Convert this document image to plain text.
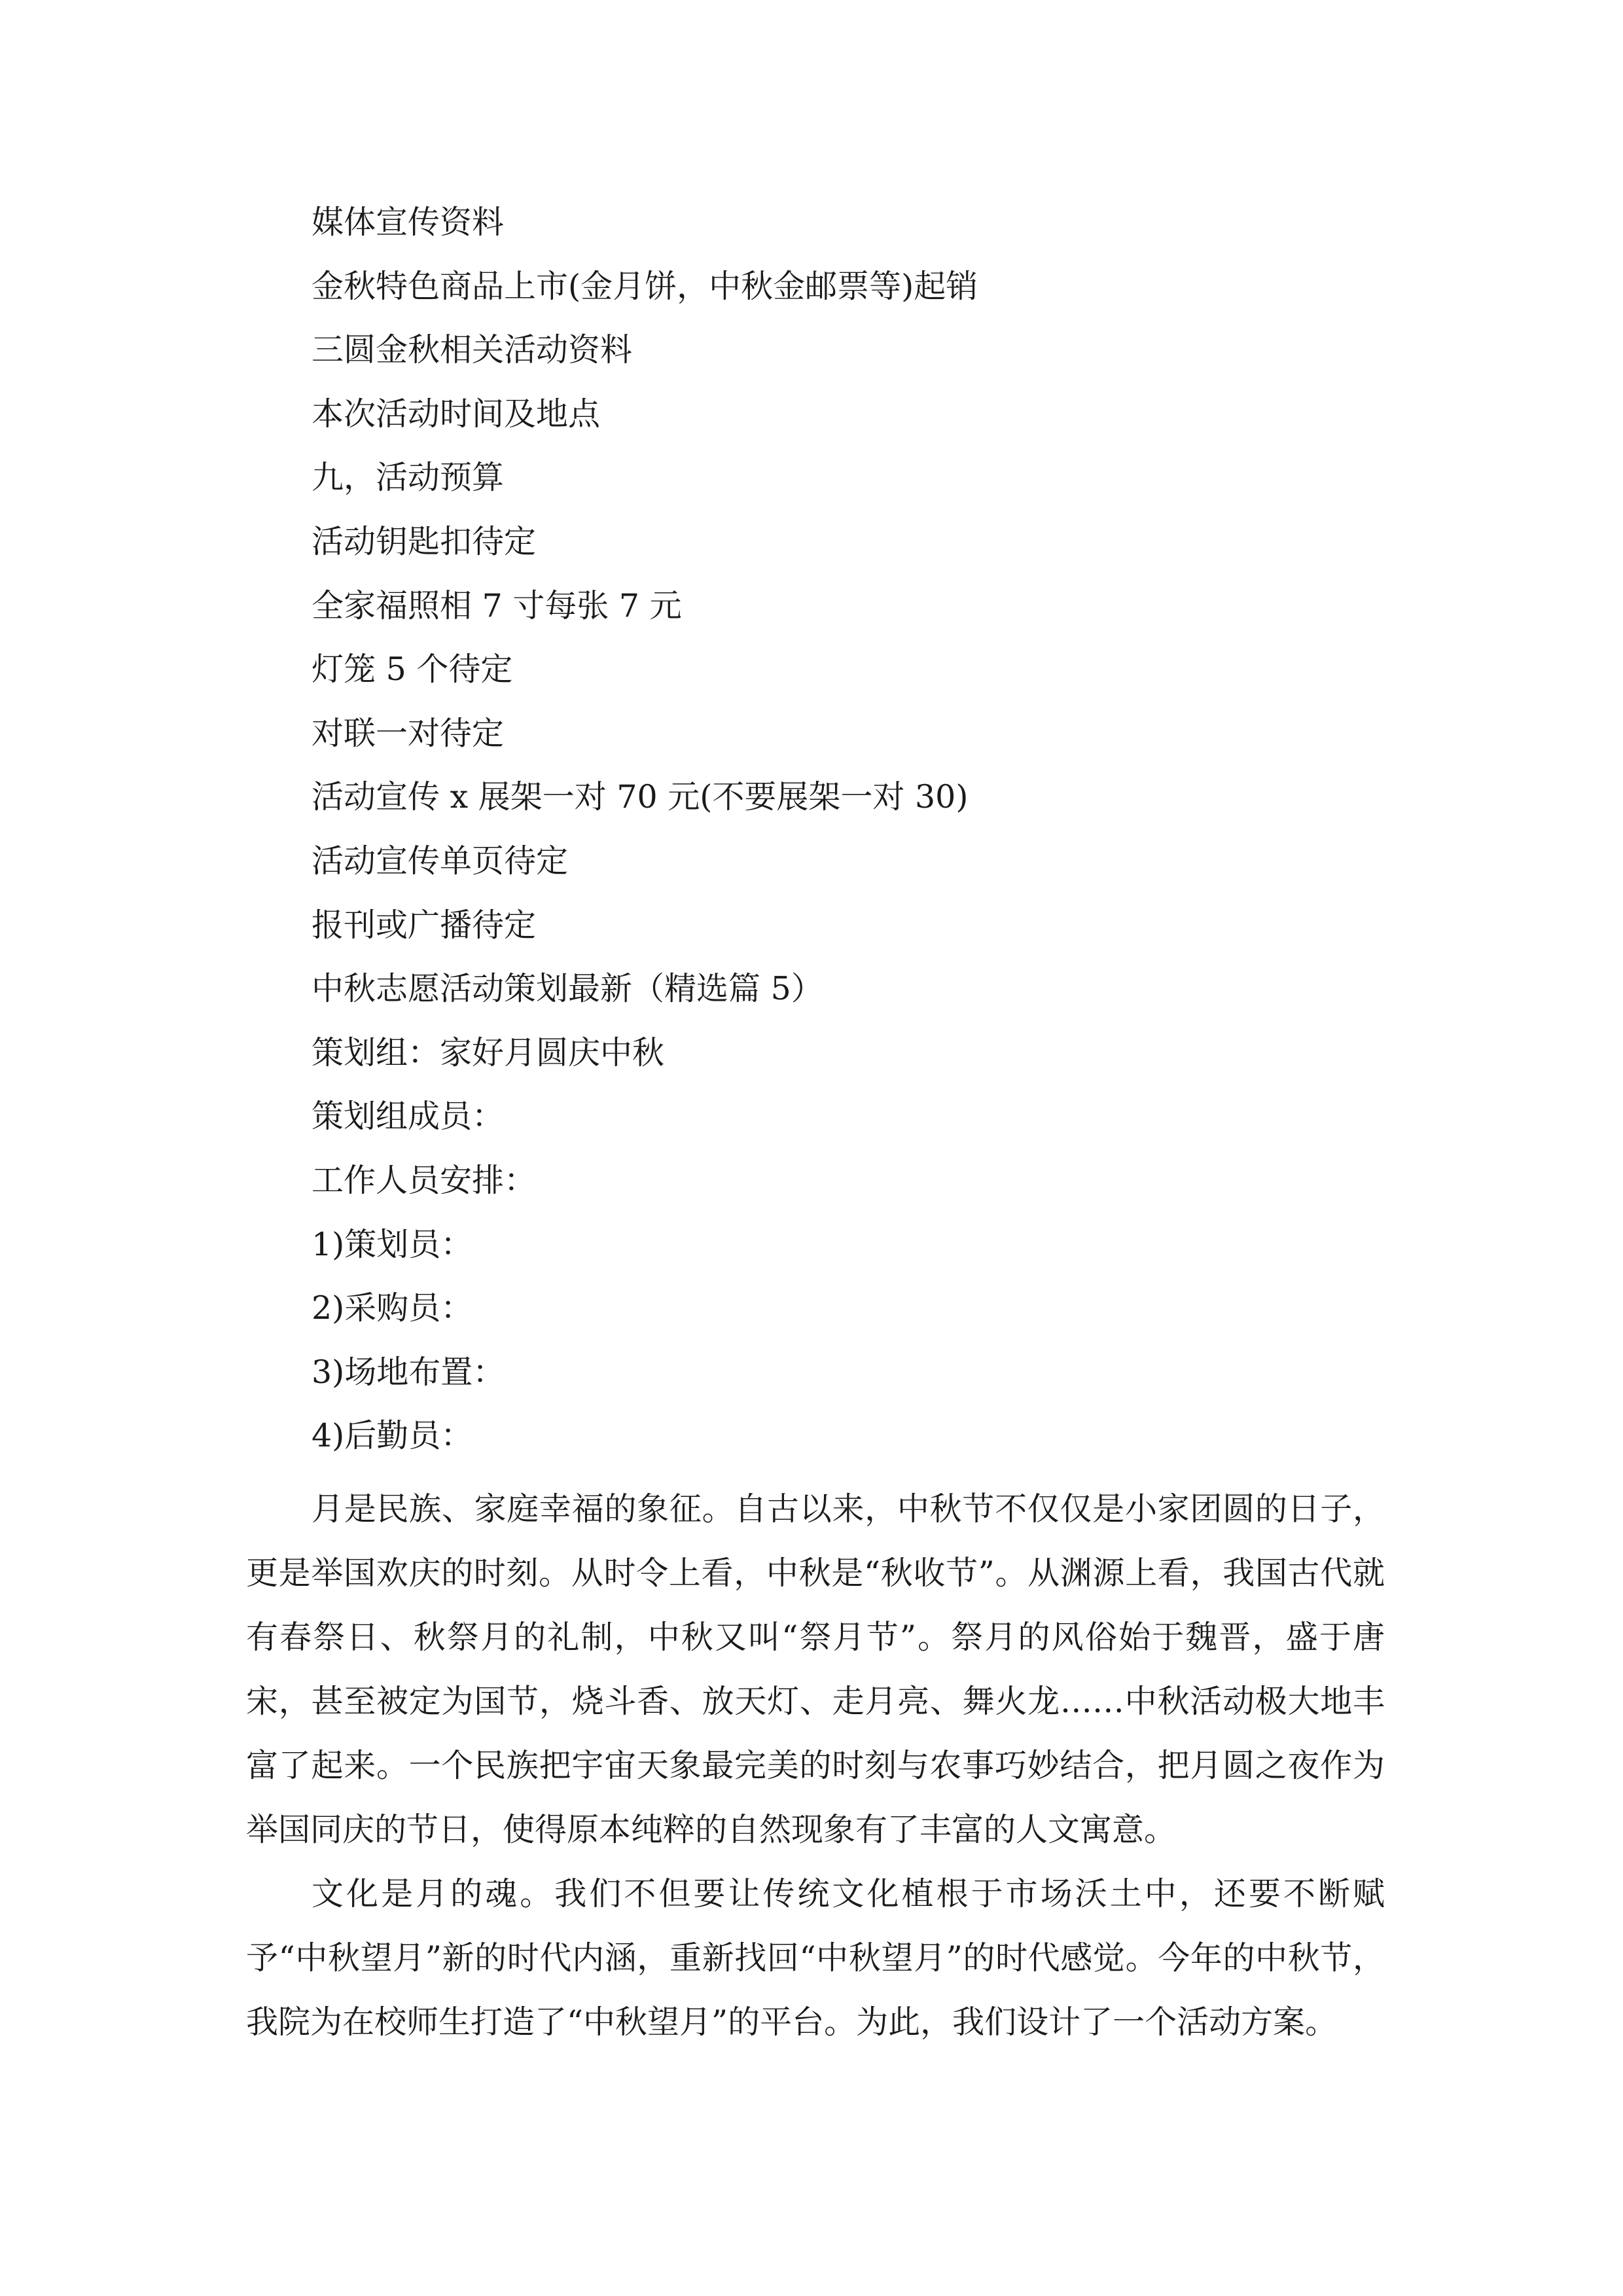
媒体宣传资料
金秋特色商品上市(金月饼，中秋金邮票等)起销
三圆金秋相关活动资料
本次活动时间及地点
九，活动预算
活动钥匙扣待定
全家福照相 7 寸每张 7 元
灯笼 5 个待定
对联一对待定
活动宣传 x 展架一对 70 元(不要展架一对 30)
活动宣传单页待定
报刊或广播待定
中秋志愿活动策划最新（精选篇 5）
策划组：家好月圆庆中秋
策划组成员：
工作人员安排：
1)策划员：
2)采购员：
3)场地布置：
4)后勤员：

月是民族、家庭幸福的象征。自古以来，中秋节不仅仅是小家团圆的日子，更是举国欢庆的时刻。从时令上看，中秋是“秋收节”。从渊源上看，我国古代就有春祭日、秋祭月的礼制，中秋又叫“祭月节”。祭月的风俗始于魏晋，盛于唐宋，甚至被定为国节，烧斗香、放天灯、走月亮、舞火龙……中秋活动极大地丰富了起来。一个民族把宇宙天象最完美的时刻与农事巧妙结合，把月圆之夜作为举国同庆的节日，使得原本纯粹的自然现象有了丰富的人文寓意。

文化是月的魂。我们不但要让传统文化植根于市场沃土中，还要不断赋予“中秋望月”新的时代内涵，重新找回“中秋望月”的时代感觉。今年的中秋节，我院为在校师生打造了“中秋望月”的平台。为此，我们设计了一个活动方案。
